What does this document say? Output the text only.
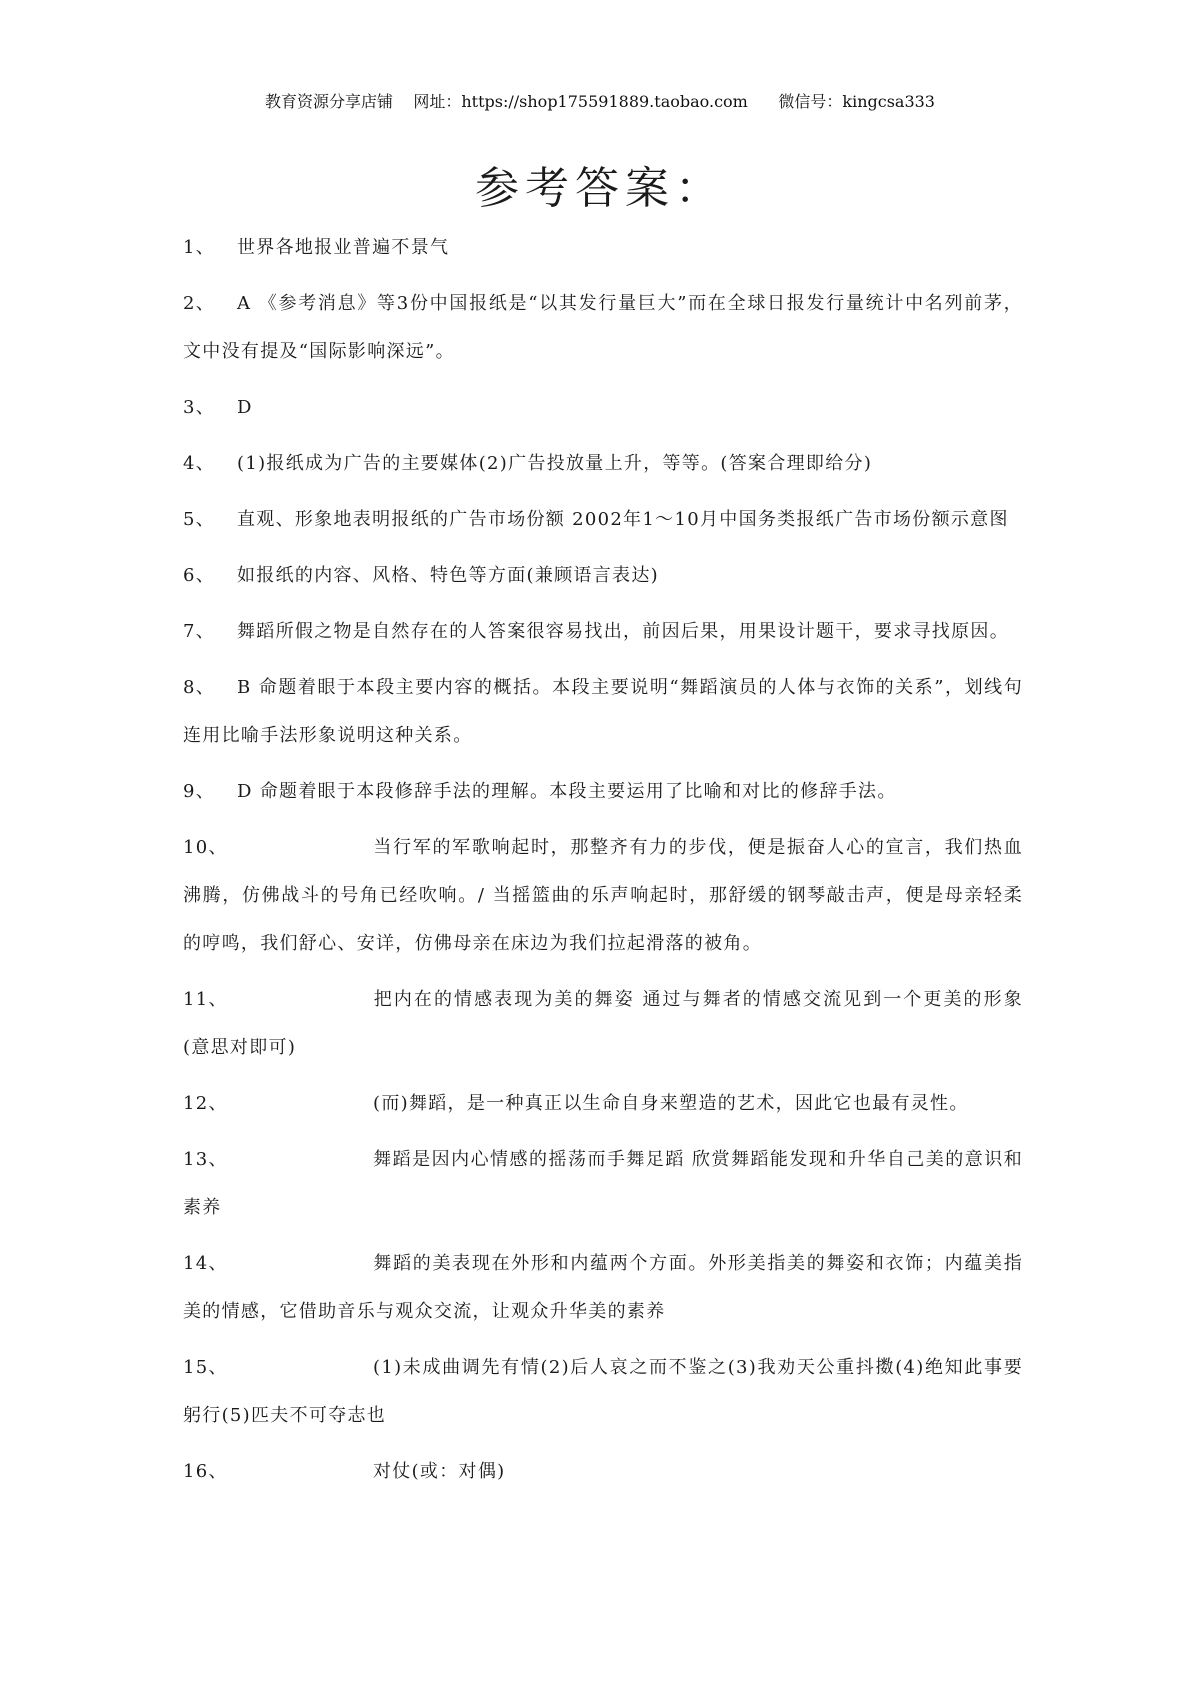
教育资源分享店铺 网址：https://shop175591889.taobao.com 微信号：kingcsa333
参考答案：
1、 世界各地报业普遍不景气
2、 A 《参考消息》等3份中国报纸是“以其发行量巨大”而在全球日报发行量统计中名列前茅，文中没有提及“国际影响深远”。
3、 D
4、 (1)报纸成为广告的主要媒体(2)广告投放量上升，等等。(答案合理即给分)
5、 直观、形象地表明报纸的广告市场份额 2002年1～10月中国务类报纸广告市场份额示意图
6、 如报纸的内容、风格、特色等方面(兼顾语言表达)
7、 舞蹈所假之物是自然存在的人答案很容易找出，前因后果，用果设计题干，要求寻找原因。
8、 B 命题着眼于本段主要内容的概括。本段主要说明“舞蹈演员的人体与衣饰的关系”，划线句连用比喻手法形象说明这种关系。
9、 D 命题着眼于本段修辞手法的理解。本段主要运用了比喻和对比的修辞手法。
10、	当行军的军歌响起时，那整齐有力的步伐，便是振奋人心的宣言，我们热血沸腾，仿佛战斗的号角已经吹响。/ 当摇篮曲的乐声响起时，那舒缓的钢琴敲击声，便是母亲轻柔的哼鸣，我们舒心、安详，仿佛母亲在床边为我们拉起滑落的被角。
11、	把内在的情感表现为美的舞姿 通过与舞者的情感交流见到一个更美的形象(意思对即可)
12、	(而)舞蹈，是一种真正以生命自身来塑造的艺术，因此它也最有灵性。
13、	舞蹈是因内心情感的摇荡而手舞足蹈 欣赏舞蹈能发现和升华自己美的意识和素养
14、	舞蹈的美表现在外形和内蕴两个方面。外形美指美的舞姿和衣饰；内蕴美指美的情感，它借助音乐与观众交流，让观众升华美的素养
15、	(1)未成曲调先有情(2)后人哀之而不鉴之(3)我劝天公重抖擞(4)绝知此事要躬行(5)匹夫不可夺志也
16、	对仗(或：对偶)
